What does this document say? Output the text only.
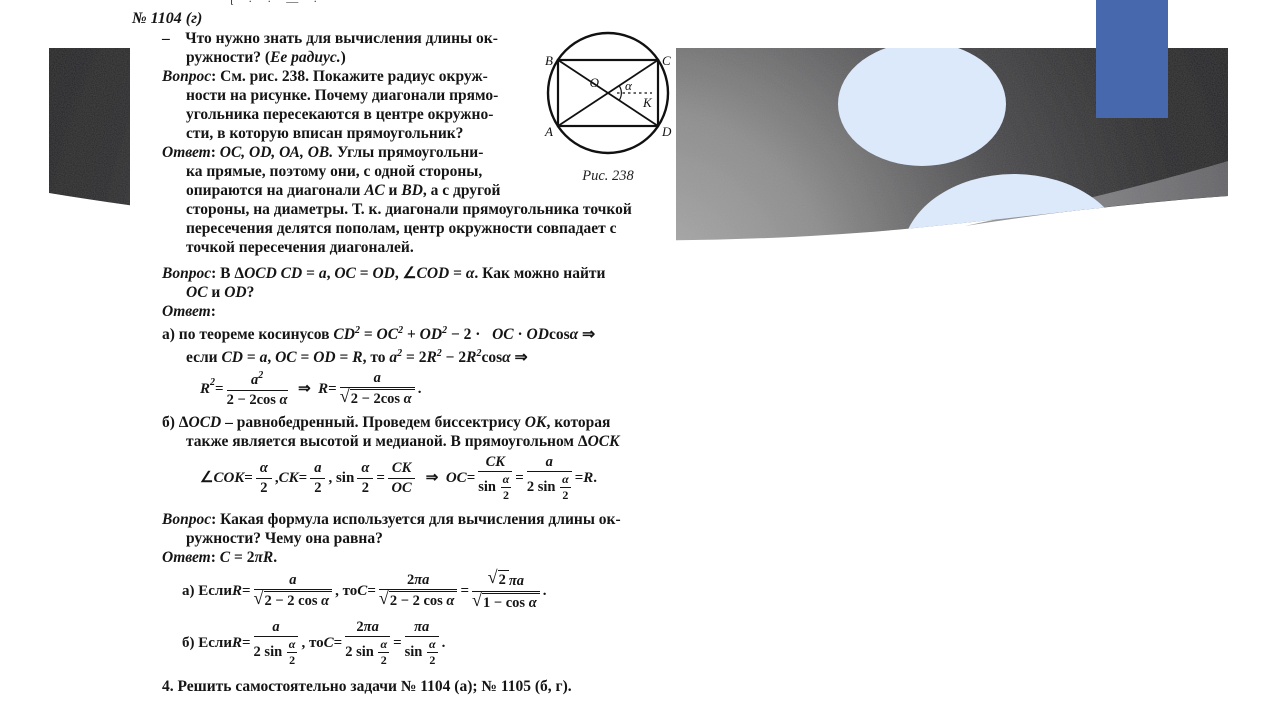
ι · · — ·
№ 1104 (г)
– Что нужно знать для вычисления длины ок-
ружности? (Ее радиус.)
Вопрос: См. рис. 238. Покажите радиус окруж-
ности на рисунке. Почему диагонали прямо-
угольника пересекаются в центре окружно-
сти, в которую вписан прямоугольник?
Ответ: ОС, OD, ОА, ОВ. Углы прямоугольни-
ка прямые, поэтому они, с одной стороны,
опираются на диагонали АС и BD, а с другой
стороны, на диаметры. Т. к. диагонали прямоугольника точкой
пересечения делятся пополам, центр окружности совпадает с
точкой пересечения диагоналей.
Вопрос: В ΔOCD CD = a, OC = OD, ∠COD = α. Как можно найти
ОС и OD?
Ответ:
а) по теореме косинусов $CD^2 = OC^2 + OD^2 - 2$ ·  OC · ODcosα ⇒
если CD = a, OC = OD = R, то $a^2 = 2R^2 - 2R^2\cos\alpha$ ⇒
$R^2 = \frac{a^2}{\text{2 − 2cos α}}$  ⇒  $R = \frac{a}{\text{√ 2 − 2cos α}}$ .
б) ΔOCD – равнобедренный. Проведем биссектрису ОК, которая
также является высотой и медианой. В прямоугольном ΔOCK
∠ COK = $\frac{\alpha}{2}$ , CK = $\frac{a}{2}$ , $\sin \frac{\alpha}{2} = \frac{CK}{OC}$  ⇒  OC = $\frac{CK}{\sin \frac{\alpha}{2}} = \frac{a}{2 \sin \frac{\alpha}{2}} = R$ .
Вопрос: Какая формула используется для вычисления длины ок-
ружности? Чему она равна?
Ответ: C = 2πR.
а) Если $R = \frac{a}{\text{√ 2 − 2 cos α}}$ , то $C = \frac{2\pi a}{\text{√ 2 − 2 cos α}} = \frac{√ 2 \pi a}{\text{√ 1 − cos α}}$ .
б) Если $R = \frac{a}{2 \sin \frac{\alpha}{2}}$ , то $C = \frac{2\pi a}{2 \sin \frac{\alpha}{2}} = \frac{\pi a}{\sin \frac{\alpha}{2}}$ .
4. Решить самостоятельно задачи № 1104 (а); № 1105 (б, г).
B	C
A	D
O α
K
Рис. 238
